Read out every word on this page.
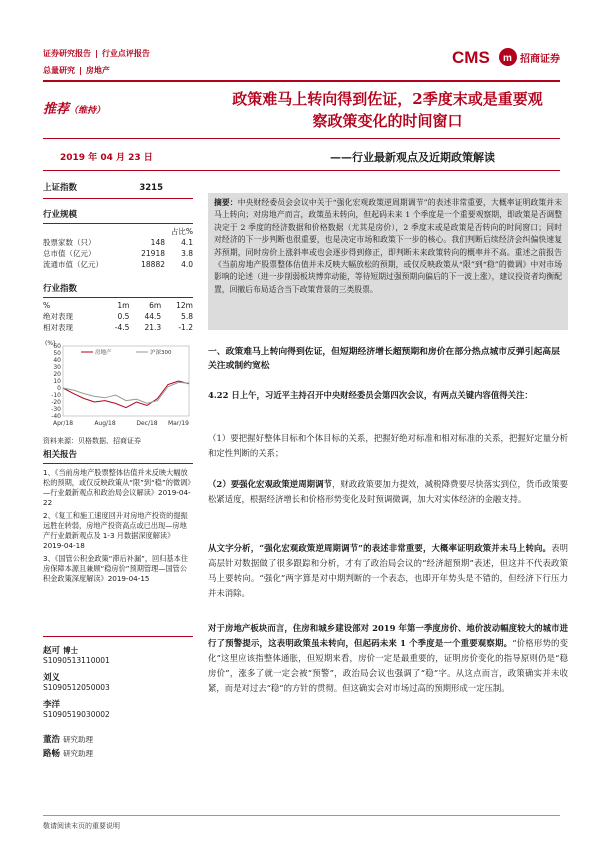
证券研究报告 | 行业点评报告
总量研究 | 房地产
CMS m 招商证券
推荐（维持）
政策难马上转向得到佐证，2季度末或是重要观
察政策变化的时间窗口
2019 年 04 月 23 日	——行业最新观点及近期政策解读
上证指数	3215
行业规模
占比%
股票家数（只）	148	4.1
总市值（亿元）	21918	3.8
流通市值（亿元）	18882	4.0
行业指数
%	1m	6m	12m
绝对表现	0.5	44.5	5.8
相对表现	-4.5	21.3	-1.2
60
50
40
30
20
10
0
-10
-20
-30
-40
(%)
Apr/18	Aug/18	Dec/18 Mar/19
房地产	沪深300
资料来源：贝格数据、招商证券
相关报告
1、《当前房地产股票整体估值并未反映大幅放松的预期，或仅反映政策从“限”到“稳”的微调》—行业最新观点和政治局会议解读》2019-04-22
2、《复工和施工速度回升对房地产投资的提振远胜在转弱，房地产投资高点或已出现—房地产行业最新观点及 1-3 月数据深度解读》2019-04-18
3、《国管公积金政策“滞后补漏”，回归基本住房保障本源且兼顾“稳房价”预期管理—国管公积金政策深度解读》2019-04-15
赵可 博士
S1090513110001
刘义
S1090512050003
李洋
S1090519030002
董浩 研究助理
路畅 研究助理
摘要：中央财经委员会会议中关于“强化宏观政策逆周期调节”的表述非常重要，大概率证明政策并未马上转向；对房地产而言，政策虽未转向，但起码未来 1 个季度是一个重要观察期，即政策是否调整决定于 2 季度的经济数据和价格数据（尤其是房价），2 季度末或是政策是否转向的时间窗口；同时对经济的下一步判断也很重要，也是决定市场和政策下一步的核心。我们判断后续经济会纠偏快速复苏预期，同时房价上涨斜率或也会逐步得到修正，即判断未来政策转向的概率并不高。重述之前报告《当前房地产股票整体估值并未反映大幅放松的预期，或仅反映政策从“限”到“稳”的微调》中对市场影响的论述（进一步削弱板块博弈动能，等待短期过强预期向偏后的下一波上涨），建议投资者均衡配置，回撤后布局适合当下政策背景的三类股票。
一、政策难马上转向得到佐证，但短期经济增长超预期和房价在部分热点城市反弹引起高层关注或制约宽松
4.22 日上午，习近平主持召开中央财经委员会第四次会议，有两点关键内容值得关注：
（1）要把握好整体目标和个体目标的关系，把握好绝对标准和相对标准的关系，把握好定量分析和定性判断的关系；
（2）要强化宏观政策逆周期调节，财政政策要加力提效，减税降费要尽快落实到位，货币政策要松紧适度，根据经济增长和价格形势变化及时预调微调，加大对实体经济的金融支持。
从文字分析，“强化宏观政策逆周期调节”的表述非常重要，大概率证明政策并未马上转向。表明高层针对数据做了很多跟踪和分析，才有了政治局会议的“经济超预期”表述，但这并不代表政策马上要转向。“强化”两字算是对中期判断的一个表态，也即开年势头是不错的，但经济下行压力并未消除。
对于房地产板块而言，住房和城乡建设部对 2019 年第一季度房价、地价波动幅度较大的城市进行了预警提示，这表明政策虽未转向，但起码未来 1 个季度是一个重要观察期。“价格形势的变化”这里应该指整体通胀，但短期来看，房价一定是最重要的，证明房价变化的指导原则仍是“稳房价”，涨多了就一定会被“预警”，政治局会议也强调了“稳”字。从这点而言，政策确实并未收紧，而是对过去“稳”的方针的贯彻。但这确实会对市场过高的预期形成一定压制。
敬请阅读末页的重要说明
